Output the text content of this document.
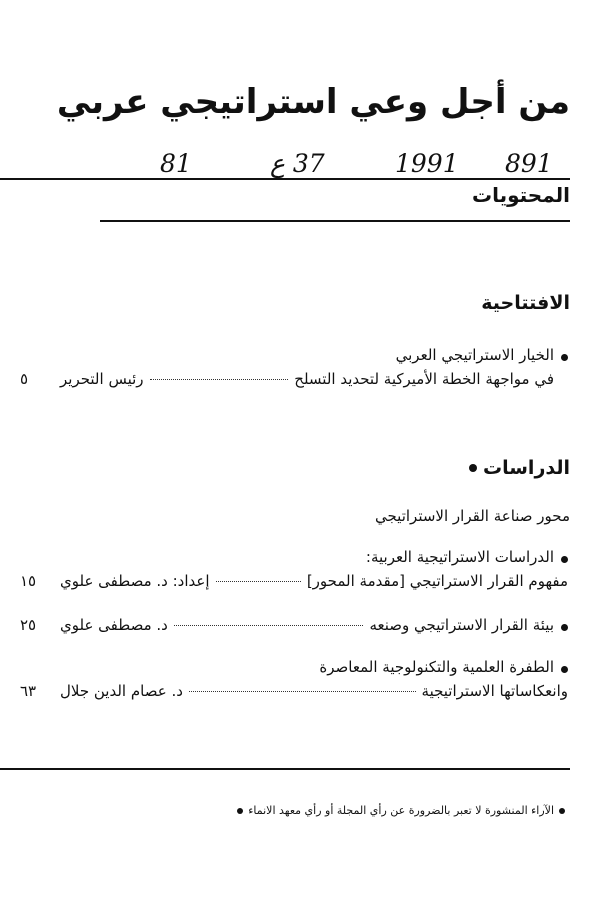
من أجل وعي استراتيجي عربي
891
1991
37 ع
81
المحتويات
الافتتاحية
الخيار الاستراتيجي العربي
في مواجهة الخطة الأميركية لتحديد التسلح
رئيس التحرير
٥
الدراسات
محور صناعة القرار الاستراتيجي
الدراسات الاستراتيجية العربية:
مفهوم القرار الاستراتيجي [مقدمة المحور]
إعداد: د. مصطفى علوي
١٥
بيئة القرار الاستراتيجي وصنعه
د. مصطفى علوي
٢٥
الطفرة العلمية والتكنولوجية المعاصرة
وانعكاساتها الاستراتيجية
د. عصام الدين جلال
٦٣
الآراء المنشورة لا تعبر بالضرورة عن رأي المجلة أو رأي معهد الانماء
